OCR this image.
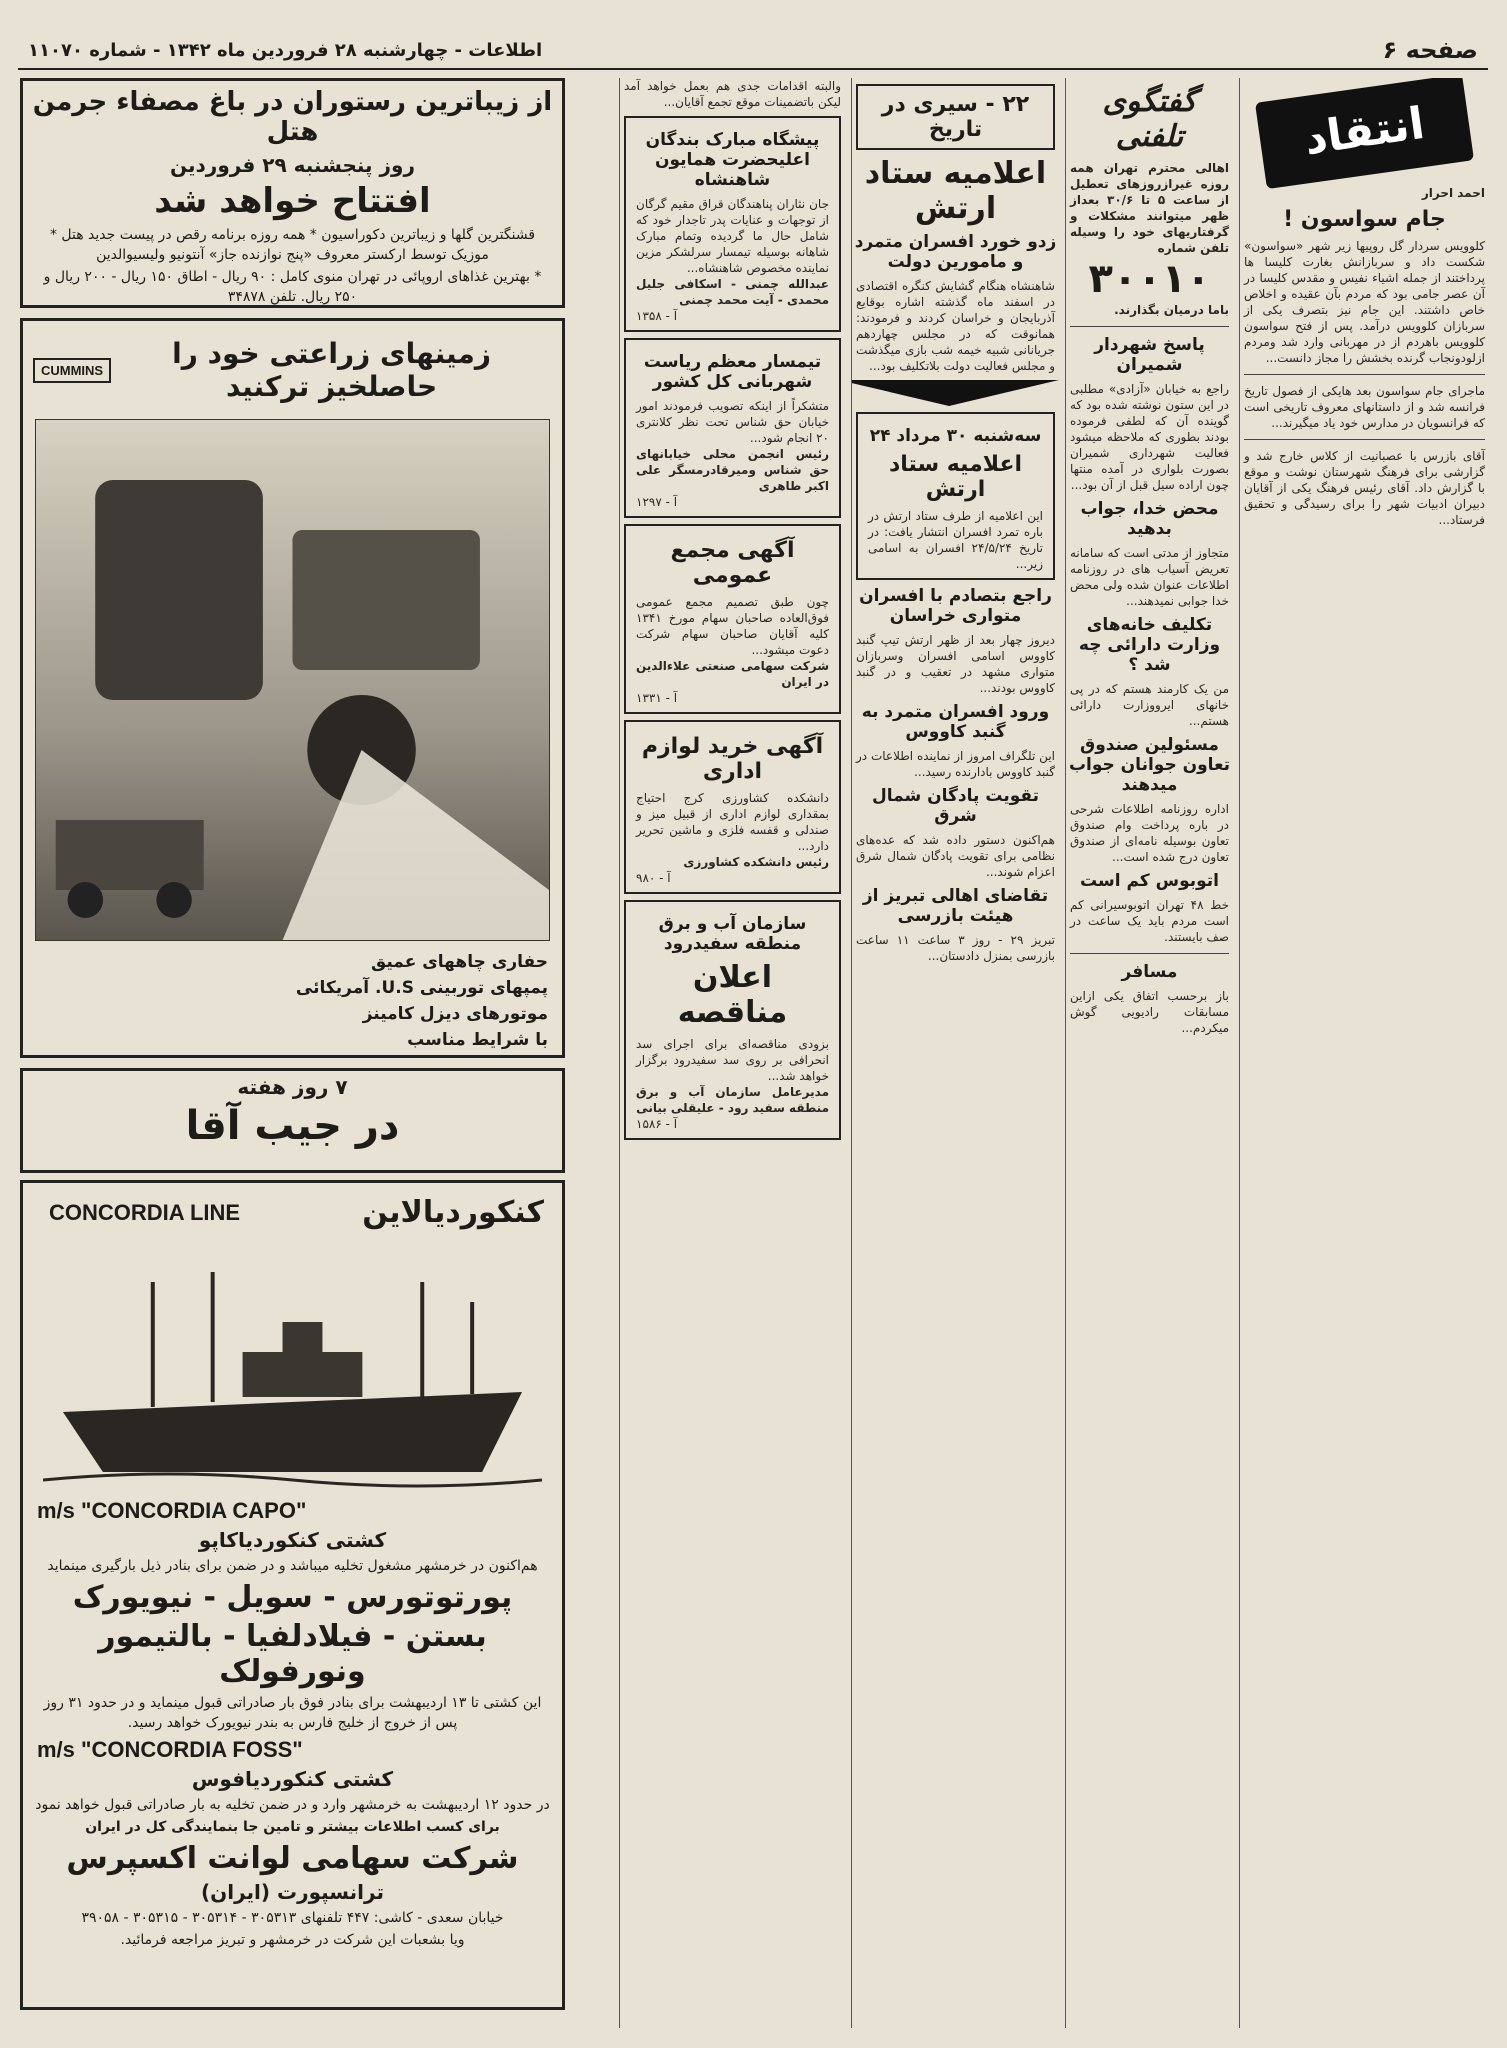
صفحه ۶
اطلاعات - چهارشنبه ۲۸ فروردین ماه ۱۳۴۲ - شماره ۱۱۰۷۰
انتقاد
احمد احرار
جام سواسون !
کلوویس سردار گل روپیها زیر شهر «سواسون» شکست داد و سربازانش بغارت کلیسا ها پرداختند از جمله اشیاء نفیس و مقدس کلیسا در آن عصر جامی بود که مردم بآن عقیده و اخلاص خاص داشتند. این جام نیز بتصرف یکی از سربازان کلوویس درآمد. پس از فتح سواسون کلوویس باهردم از در مهربانی وارد شد ومردم ازلودونجاب گرنده بخشش را مجاز دانست...
ماجرای جام سواسون بعد هایکی از فصول تاریخ فرانسه شد و از داستانهای معروف تاریخی است که فرانسویان در مدارس خود یاد میگیرند...
آقای بازرس با عصبانیت از کلاس خارج شد و گزارشی برای فرهنگ شهرستان نوشت و موقع با گزارش داد. آقای رئیس فرهنگ یکی از آقایان دبیران ادبیات شهر را برای رسیدگی و تحقیق فرستاد...
گفتگوی تلفنی
اهالی محترم تهران همه روزه غیرازروزهای تعطیل از ساعت ۵ تا ۳۰/۶ بعداز ظهر میتوانند مشکلات و گرفتاریهای خود را وسیله تلفن شماره
۳۰۰۱۰
باما درمیان بگذارند.
پاسخ شهردار شمیران
راجع به خیابان «آزادی» مطلبی در این ستون نوشته شده بود که گوینده آن که لطفی فرموده بودند بطوری که ملاحظه میشود فعالیت شهرداری شمیران بصورت بلواری در آمده منتها چون اراده سیل قبل از آن بود...
محض خدا، جواب بدهید
متجاوز از مدتی است که سامانه تعریض آسیاب های در روزنامه اطلاعات عنوان شده ولی محض خدا جوابی نمیدهند...
تکلیف خانه‌های وزارت دارائی چه شد ؟
من یک کارمند هستم که در پی خانهای ایرووزارت دارائی هستم...
مسئولین صندوق تعاون جوانان جواب میدهند
اداره روزنامه اطلاعات شرحی در باره پرداخت وام صندوق تعاون بوسیله نامه‌ای از صندوق تعاون درج شده است...
اتوبوس کم است
خط ۴۸ تهران اتوبوسیرانی کم است مردم باید یک ساعت در صف بایستند.
مسافر
باز برحسب اتفاق یکی ازاین مسابقات رادیویی گوش میکردم...
۲۲ - سیری در تاریخ
اعلامیه ستاد ارتش
زدو خورد افسران متمرد و مامورین دولت
شاهنشاه هنگام گشایش کنگره اقتصادی در اسفند ماه گذشته اشاره بوقایع آذربایجان و خراسان کردند و فرمودند: همانوقت که در مجلس چهاردهم جریانانی شبیه خیمه شب بازی میگذشت و مجلس فعالیت دولت بلاتکلیف بود...
سه‌شنبه ۳۰ مرداد ۲۴
اعلامیه ستاد ارتش
این اعلامیه از طرف ستاد ارتش در باره تمرد افسران انتشار یافت: در تاریخ ۲۴/۵/۲۴ افسران به اسامی زیر...
راجع بتصادم با افسران متواری خراسان
دیروز چهار بعد از ظهر ارتش تیپ گنبد کاووس اسامی افسران وسربازان متواری مشهد در تعقیب و در گنبد کاووس بودند...
ورود افسران متمرد به گنبد کاووس
این تلگراف امروز از نماینده اطلاعات در گنبد کاووس بادارنده رسید...
تقویت پادگان شمال شرق
هم‌اکنون دستور داده شد که عده‌های نظامی برای تقویت پادگان شمال شرق اعزام شوند...
تقاضای اهالی تبریز از هیئت بازرسی
تبریز ۲۹ - روز ۳ ساعت ۱۱ ساعت بازرسی بمنزل دادستان...
والبته اقدامات جدی هم بعمل خواهد آمد لیکن باتضمینات موقع تجمع آقایان...
پیشگاه مبارک بندگان اعلیحضرت همایون شاهنشاه
جان نثاران پناهندگان قراق مقیم گرگان از توجهات و عنایات پدر تاجدار خود که شامل حال ما گردیده وتمام مبارک شاهانه بوسیله تیمسار سرلشکر مزین نماینده مخصوص شاهنشاه...
عبدالله چمنی - اسکافی جلیل محمدی - آیت محمد چمنی
آ - ۱۳۵۸
تیمسار معظم ریاست شهربانی کل کشور
متشکراً از اینکه تصویب فرمودند امور خیابان حق شناس تحت نظر کلانتری ۲۰ انجام شود...
رئیس انجمن محلی خیابانهای حق شناس ومیرقادرمسگر علی اکبر طاهری
آ - ۱۲۹۷
آگهی مجمع عمومی
چون طبق تصمیم مجمع عمومی فوق‌العاده صاحبان سهام مورخ ۱۳۴۱ کلیه آقایان صاحبان سهام شرکت دعوت میشود...
شرکت سهامی صنعتی علاءالدین در ایران
آ - ۱۳۳۱
آگهی خرید لوازم اداری
دانشکده کشاورزی کرج احتیاج بمقداری لوازم اداری از قبیل میز و صندلی و قفسه فلزی و ماشین تحریر دارد...
رئیس دانشکده کشاورزی
آ - ۹۸۰
سازمان آب و برق منطقه سفیدرود
اعلان مناقصه
بزودی مناقصه‌ای برای اجرای سد انحرافی بر روی سد سفیدرود برگزار خواهد شد...
مدیرعامل سازمان آب و برق منطقه سفید رود - علیقلی بیانی
آ - ۱۵۸۶
از زیباترین رستوران در باغ مصفاء جرمن هتل
روز پنجشنبه ۲۹ فروردین
افتتاح خواهد شد
قشنگترین گلها و زیباترین دکوراسیون * همه روزه برنامه رقص در پیست جدید هتل * موزیک توسط ارکستر معروف «پنج نوازنده جاز» آنتونیو ولیسیوالدین
* بهترین غذاهای اروپائی در تهران منوی کامل : ۹۰ ریال - اطاق ۱۵۰ ریال - ۲۰۰ ریال و ۲۵۰ ریال. تلفن ۳۴۸۷۸
زمینهای زراعتی خود را حاصلخیز ترکنید
CUMMINS
حفاری چاههای عمیق
پمپهای توربینی U.S. آمریکائی
موتورهای دیزل کامینز
با شرایط مناسب
۷ روز هفته
در جیب آقا
کنکوردیالاین
CONCORDIA LINE
m/s "CONCORDIA CAPO"
کشتی کنکوردیاکاپو
هم‌اکنون در خرمشهر مشغول تخلیه میباشد و در ضمن برای بنادر ذیل بارگیری مینماید
پورتوتورس - سویل - نیویورک
بستن - فیلادلفیا - بالتیمور ونورفولک
این کشتی تا ۱۳ اردیبهشت برای بنادر فوق بار صادراتی قبول مینماید و در حدود ۳۱ روز پس از خروج از خلیج فارس به بندر نیویورک خواهد رسید.
m/s "CONCORDIA FOSS"
کشتی کنکوردیافوس
در حدود ۱۲ اردیبهشت به خرمشهر وارد و در ضمن تخلیه به بار صادراتی قبول خواهد نمود
برای کسب اطلاعات بیشتر و تامین جا بنمایندگی کل در ایران
شرکت سهامی لوانت اکسپرس
ترانسپورت (ایران)
خیابان سعدی - کاشی: ۴۴۷ تلفنهای ۳۰۵۳۱۳ - ۳۰۵۳۱۴ - ۳۰۵۳۱۵ - ۳۹۰۵۸
ویا بشعبات این شرکت در خرمشهر و تبریز مراجعه فرمائید.
